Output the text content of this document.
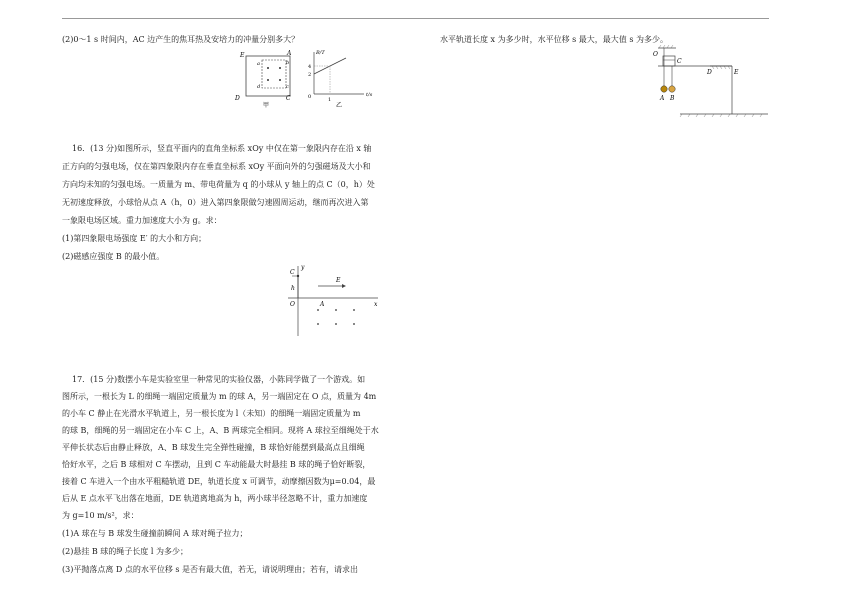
(2)0～1 s 时间内，AC 边产生的焦耳热及安培力的冲量分别多大？
E	A
a	b
d	c
D	C
甲
B/T
4
2
0	1
t/s
乙
16．(13 分)如图所示，竖直平面内的直角坐标系 xOy 中仅在第一象限内存在沿 x 轴
正方向的匀强电场，仅在第四象限内存在垂直坐标系 xOy 平面向外的匀强磁场及大小和
方向均未知的匀强电场。一质量为 m、带电荷量为 q 的小球从 y 轴上的点 C（0，h）处
无初速度释放，小球恰从点 A（h，0）进入第四象限做匀速圆周运动，继而再次进入第
一象限电场区域。重力加速度大小为 g。求：
(1)第四象限电场强度 E′ 的大小和方向；
(2)磁感应强度 B 的最小值。
y
C
E
h
O	A	x
17．(15 分)数摆小车是实验室里一种常见的实验仪器，小陈同学做了一个游戏。如
图所示，一根长为 L 的细绳一端固定质量为 m 的球 A，另一端固定在 O 点，质量为 4m
的小车 C 静止在光滑水平轨道上，另一根长度为 l（未知）的细绳一端固定质量为 m
的球 B，细绳的另一端固定在小车 C 上，A、B 两球完全相同。现将 A 球拉至细绳处于水
平伸长状态后由静止释放，A、B 球发生完全弹性碰撞，B 球恰好能摆到最高点且细绳
恰好水平，之后 B 球相对 C 车摆动，且到 C 车动能最大时悬挂 B 球的绳子恰好断裂，
接着 C 车进入一个由水平粗糙轨道 DE，轨道长度 x 可调节，动摩擦因数为μ=0.04，最
后从 E 点水平飞出落在地面，DE 轨道离地高为 h，两小球半径忽略不计，重力加速度
为 g=10 m/s²，求：
(1)A 球在与 B 球发生碰撞前瞬间 A 球对绳子拉力；
(2)悬挂 B 球的绳子长度 l 为多少；
(3)平抛落点离 D 点的水平位移 s 是否有最大值，若无，请说明理由；若有，请求出
水平轨道长度 x 为多少时，水平位移 s 最大，最大值 s 为多少。
O
C
D	E
A B
